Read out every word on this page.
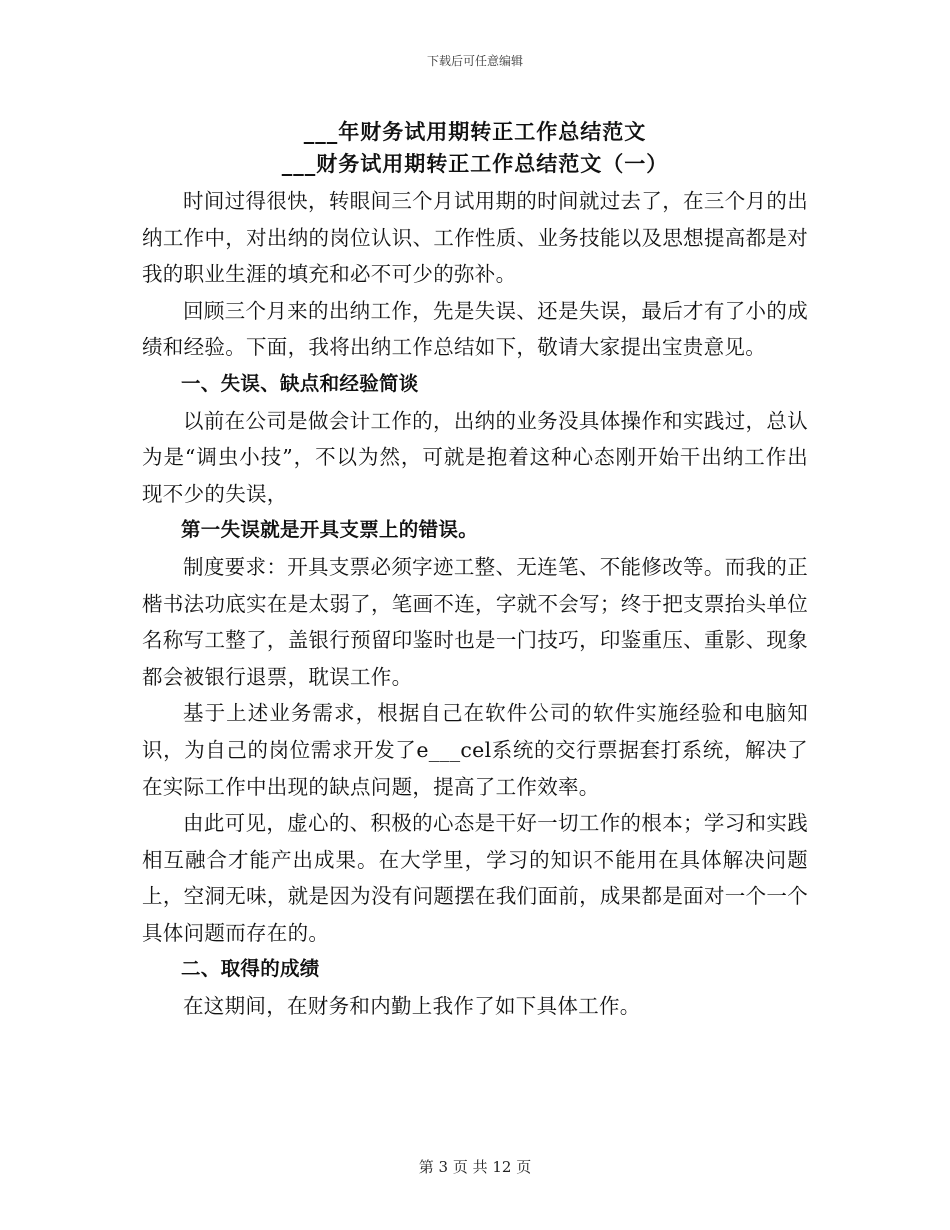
下载后可任意编辑
___年财务试用期转正工作总结范文
___财务试用期转正工作总结范文（一）

时间过得很快，转眼间三个月试用期的时间就过去了，在三个月的出纳工作中，对出纳的岗位认识、工作性质、业务技能以及思想提高都是对我的职业生涯的填充和必不可少的弥补。

回顾三个月来的出纳工作，先是失误、还是失误，最后才有了小的成绩和经验。下面，我将出纳工作总结如下，敬请大家提出宝贵意见。

一、失误、缺点和经验简谈

以前在公司是做会计工作的，出纳的业务没具体操作和实践过，总认为是“调虫小技”，不以为然，可就是抱着这种心态刚开始干出纳工作出现不少的失误，

第一失误就是开具支票上的错误。

制度要求：开具支票必须字迹工整、无连笔、不能修改等。而我的正楷书法功底实在是太弱了，笔画不连，字就不会写；终于把支票抬头单位名称写工整了，盖银行预留印鉴时也是一门技巧，印鉴重压、重影、现象都会被银行退票，耽误工作。

基于上述业务需求，根据自己在软件公司的软件实施经验和电脑知识，为自己的岗位需求开发了e___cel系统的交行票据套打系统，解决了在实际工作中出现的缺点问题，提高了工作效率。

由此可见，虚心的、积极的心态是干好一切工作的根本；学习和实践相互融合才能产出成果。在大学里，学习的知识不能用在具体解决问题上，空洞无味，就是因为没有问题摆在我们面前，成果都是面对一个一个具体问题而存在的。

二、取得的成绩

在这期间，在财务和内勤上我作了如下具体工作。

第 3 页 共 12 页
